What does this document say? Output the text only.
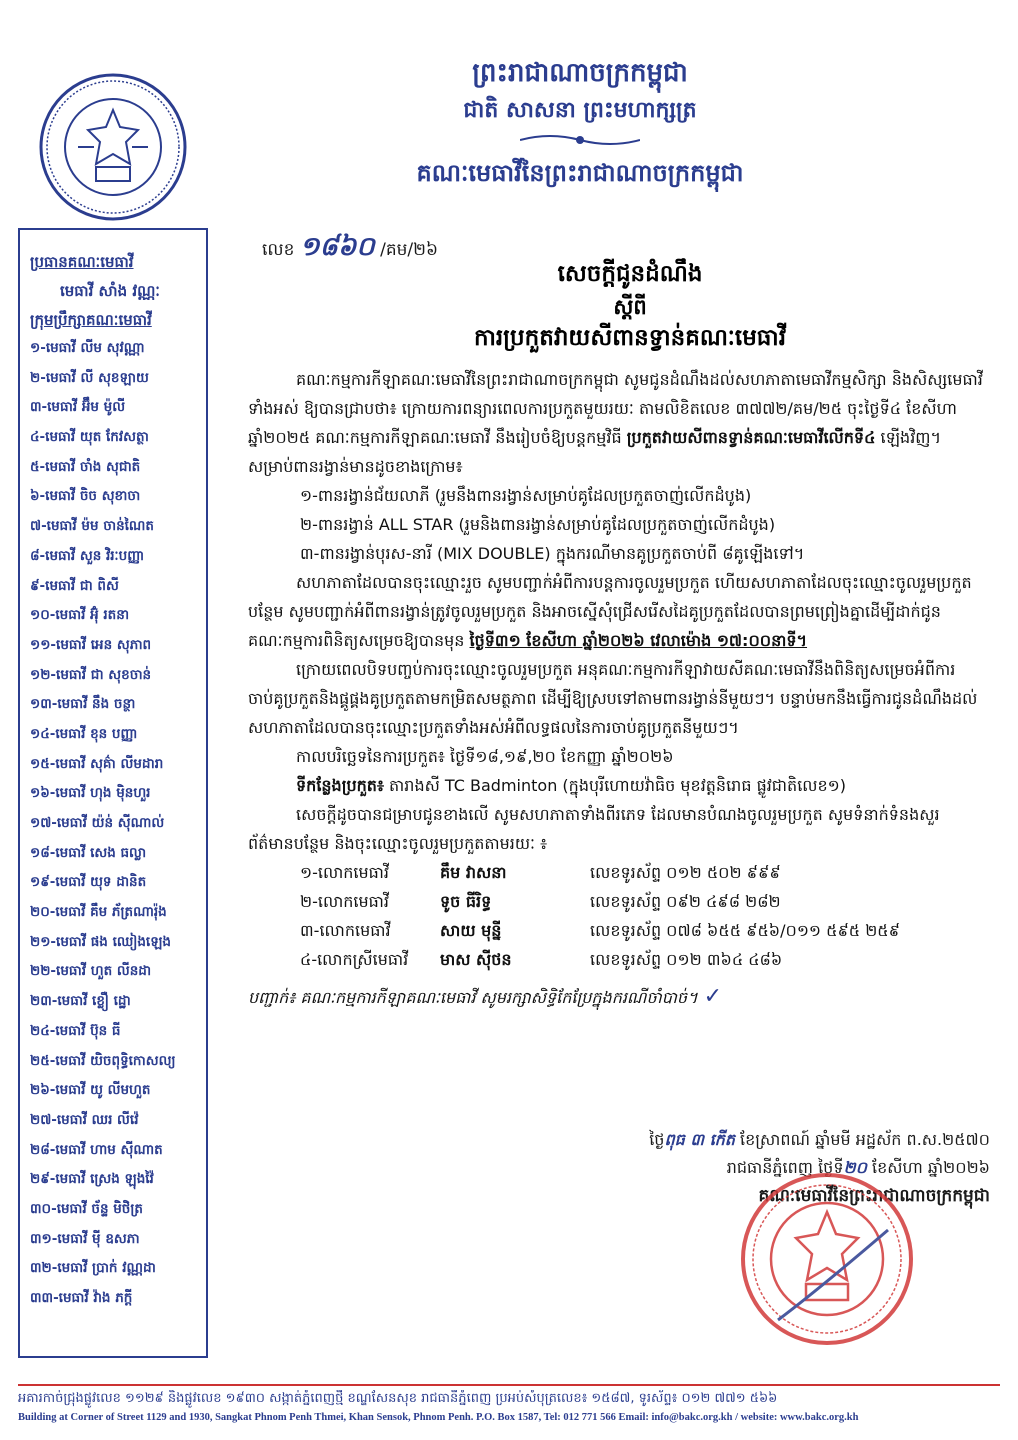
ព្រះរាជាណាចក្រកម្ពុជា
ជាតិ សាសនា ព្រះមហាក្សត្រ
គណៈមេធាវីនៃព្រះរាជាណាចក្រកម្ពុជា
ប្រធានគណៈមេធាវី
មេធាវី សាំង វណ្ណៈ
ក្រុមប្រឹក្សាគណៈមេធាវី
១-មេធាវី លីម សុវណ្ណា
២-មេធាវី លី សុខឡាយ
៣-មេធាវី អ៊ឹម ម៉ូលី
៤-មេធាវី យុត កែវសត្ថា
៥-មេធាវី ចាំង សុជាតិ
៦-មេធាវី ចិច សុខាចា
៧-មេធាវី ម៉ម ចាន់ណៃត
៨-មេធាវី សួន វិរៈបញ្ញា
៩-មេធាវី ជា ពិសី
១០-មេធាវី អ៊ុំ រតនា
១១-មេធាវី អេន សុភាព
១២-មេធាវី ជា សុខចាន់
១៣-មេធាវី នឹង ចន្ថា
១៤-មេធាវី ខុន បញ្ញា
១៥-មេធាវី សុគ៌ា លីមដារា
១៦-មេធាវី ហុង ម៉ិនហួរ
១៧-មេធាវី យ៉ន់ ស៊ីណាល់
១៨-មេធាវី សេង ធល្លា
១៩-មេធាវី យុទ ដានិត
២០-មេធាវី គឹម ភ័ត្រណារ៉ុង
២១-មេធាវី ផង ឈៀងឡេង
២២-មេធាវី ហួត លីនដា
២៣-មេធាវី ខ្លឿ ដ្ឋោ
២៤-មេធាវី ប៊ុន ធី
២៥-មេធាវី យិចពុទ្ធិកោសល្យ
២៦-មេធាវី យូ លីមហួត
២៧-មេធាវី ឈរ លីវ៉េ
២៨-មេធាវី ហាម ស៊ីណាត
២៩-មេធាវី ស្រេង ឡុងវ៉ៃ
៣០-មេធាវី ច័ន្ទ មិថិត្រ
៣១-មេធាវី ម៉ី ឧសភា
៣២-មេធាវី ប្រាក់ វណ្ណដា
៣៣-មេធាវី វ៉ាង ភក្តី
លេខ ១៨៦០ /គម/២៦
សេចក្តីជូនដំណឹង
ស្តីពី
ការប្រកួតវាយសីពានទ្វាន់គណៈមេធាវី

គណៈកម្មការកីឡាគណៈមេធាវីនៃព្រះរាជាណាចក្រកម្ពុជា សូមជូនដំណឹងដល់សហភាតាមេធាវីកម្មសិក្សា និងសិស្សមេធាវីទាំងអស់ ឱ្យបានជ្រាបថា៖ ក្រោយការពន្យារពេលការប្រកួតមួយរយៈ តាមលិខិតលេខ ៣៧៧២/គម/២៥ ចុះថ្ងៃទី៤ ខែសីហា ឆ្នាំ២០២៥ គណៈកម្មការកីឡាគណៈមេធាវី នឹងរៀបចំឱ្យបន្តកម្មវិធី ប្រកួតវាយសីពានទ្វាន់គណៈមេធាវីលើកទី៤ ឡើងវិញ។ សម្រាប់ពានរង្វាន់មានដូចខាងក្រោម៖

១-ពានរង្វាន់ជ័យលាភី (រួមនឹងពានរង្វាន់សម្រាប់គូដែលប្រកួតចាញ់លើកដំបូង)

២-ពានរង្វាន់ ALL STAR (រួមនិងពានរង្វាន់សម្រាប់គូដែលប្រកួតចាញ់លើកដំបូង)

៣-ពានរង្វាន់បុរស-នារី (MIX DOUBLE) ក្នុងករណីមានគូប្រកួតចាប់ពី ៨គូឡើងទៅ។

សហភាតាដែលបានចុះឈ្មោះរួច សូមបញ្ជាក់អំពីការបន្តការចូលរួមប្រកួត ហើយសហភាតាដែលចុះឈ្មោះចូលរួមប្រកួតបន្ថែម សូមបញ្ជាក់អំពីពានរង្វាន់ត្រូវចូលរួមប្រកួត និងអាចស្នើសុំជ្រើសរើសដៃគូប្រកួតដែលបានព្រមព្រៀងគ្នាដើម្បីដាក់ជូនគណៈកម្មការពិនិត្យសម្រេចឱ្យបានមុន ថ្ងៃទី៣១ ខែសីហា ឆ្នាំ២០២៦ វេលាម៉ោង ១៧:០០នាទី។

ក្រោយពេលបិទបញ្ចប់ការចុះឈ្មោះចូលរួមប្រកួត អនុគណៈកម្មការកីឡាវាយសីគណៈមេធាវីនឹងពិនិត្យសម្រេចអំពីការចាប់គូប្រកួតនិងផ្គូផ្គងគូប្រកួតតាមកម្រិតសមត្ថភាព ដើម្បីឱ្យស្របទៅតាមពានរង្វាន់នីមួយៗ។ បន្ទាប់មកនឹងធ្វើការជូនដំណឹងដល់សហភាតាដែលបានចុះឈ្មោះប្រកួតទាំងអស់អំពីលទ្ធផលនៃការចាប់គូប្រកួតនីមួយៗ។

កាលបរិច្ឆេទនៃការប្រកួត៖ ថ្ងៃទី១៨,១៩,២០ ខែកញ្ញា ឆ្នាំ២០២៦

ទីកន្លែងប្រកួត៖ តារាងសី TC Badminton (ក្នុងបុរីហោយវ៉ាធិច មុខវត្តនិរោធ ផ្លូវជាតិលេខ១)

សេចក្តីដូចបានជម្រាបជូនខាងលើ សូមសហភាតាទាំងពីរភេទ ដែលមានបំណងចូលរួមប្រកួត សូមទំនាក់ទំនងសួរព័ត៌មានបន្ថែម និងចុះឈ្មោះចូលរួមប្រកួតតាមរយៈ ៖

១-លោកមេធាវី	គឹម វាសនា	លេខទូរស័ព្ទ ០១២ ៥០២ ៩៩៩
២-លោកមេធាវី	ទូច ធីរិទ្ធ	លេខទូរស័ព្ទ ០៩២ ៤៩៨ ២៨២
៣-លោកមេធាវី	សាយ មុន្នី	លេខទូរស័ព្ទ ០៧៨ ៦៥៥ ៩៥៦/០១១ ៥៩៥ ២៥៩
៤-លោកស្រីមេធាវី	មាស ស៊ីថន	លេខទូរស័ព្ទ ០១២ ៣៦៤ ៤៨៦

បញ្ជាក់៖ គណៈកម្មការកីឡាគណៈមេធាវី សូមរក្សាសិទ្ធិកែប្រែក្នុងករណីចាំបាច់។ ✓

ថ្ងៃពុធ ៣ កើត ខែស្រាពណ៍ ឆ្នាំមមី អដ្ឋស័ក ព.ស.២៥៧០
រាជធានីភ្នំពេញ ថ្ងៃទី២០ ខែសីហា ឆ្នាំ២០២៦
គណៈមេធាវីនៃព្រះរាជាណាចក្រកម្ពុជា
អគារកាច់ជ្រុងផ្លូវលេខ ១១២៩ និងផ្លូវលេខ ១៩៣០ សង្កាត់ភ្នំពេញថ្មី ខណ្ឌសែនសុខ រាជធានីភ្នំពេញ ប្រអប់សំបុត្រលេខ៖ ១៥៨៧, ទូរស័ព្ទ៖ ០១២ ៧៧១ ៥៦៦
Building at Corner of Street 1129 and 1930, Sangkat Phnom Penh Thmei, Khan Sensok, Phnom Penh. P.O. Box 1587, Tel: 012 771 566 Email: info@bakc.org.kh / website: www.bakc.org.kh
